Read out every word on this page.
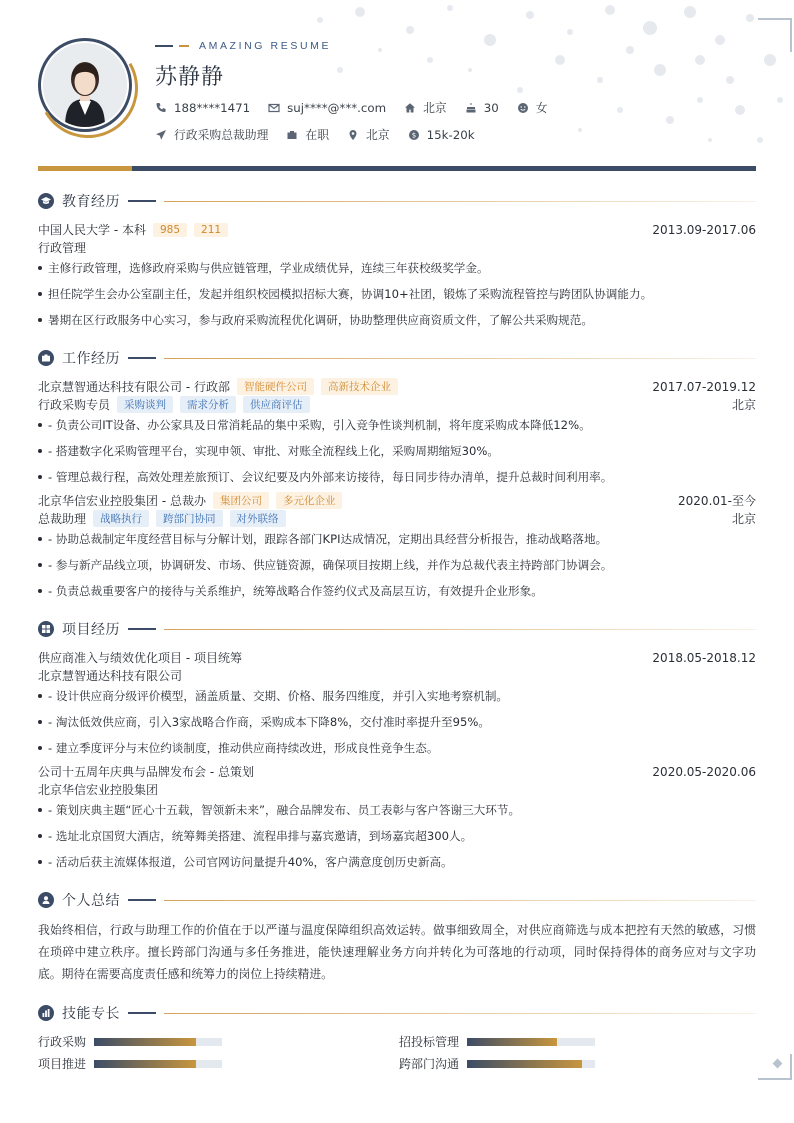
AMAZING RESUME
苏静静
188****1471	suj****@***.com	北京	30	女
行政采购总裁助理	在职	北京	$ 15k-20k
教育经历
中国人民大学 - 本科	985	211	2013.09-2017.06
行政管理
主修行政管理，选修政府采购与供应链管理，学业成绩优异，连续三年获校级奖学金。
担任院学生会办公室副主任，发起并组织校园模拟招标大赛，协调10+社团，锻炼了采购流程管控与跨团队协调能力。
暑期在区行政服务中心实习，参与政府采购流程优化调研，协助整理供应商资质文件，了解公共采购规范。
工作经历
北京慧智通达科技有限公司 - 行政部	智能硬件公司	高新技术企业	2017.07-2019.12
行政采购专员	采购谈判	需求分析	供应商评估	北京
- 负责公司IT设备、办公家具及日常消耗品的集中采购，引入竞争性谈判机制，将年度采购成本降低12%。
- 搭建数字化采购管理平台，实现申领、审批、对账全流程线上化，采购周期缩短30%。
- 管理总裁行程，高效处理差旅预订、会议纪要及内外部来访接待，每日同步待办清单，提升总裁时间利用率。
北京华信宏业控股集团 - 总裁办	集团公司	多元化企业	2020.01-至今
总裁助理	战略执行	跨部门协同	对外联络	北京
- 协助总裁制定年度经营目标与分解计划，跟踪各部门KPI达成情况，定期出具经营分析报告，推动战略落地。
- 参与新产品线立项，协调研发、市场、供应链资源，确保项目按期上线，并作为总裁代表主持跨部门协调会。
- 负责总裁重要客户的接待与关系维护，统筹战略合作签约仪式及高层互访，有效提升企业形象。
项目经历
供应商准入与绩效优化项目 - 项目统筹	2018.05-2018.12
北京慧智通达科技有限公司
- 设计供应商分级评价模型，涵盖质量、交期、价格、服务四维度，并引入实地考察机制。
- 淘汰低效供应商，引入3家战略合作商，采购成本下降8%，交付准时率提升至95%。
- 建立季度评分与末位约谈制度，推动供应商持续改进，形成良性竞争生态。
公司十五周年庆典与品牌发布会 - 总策划	2020.05-2020.06
北京华信宏业控股集团
- 策划庆典主题“匠心十五载，智领新未来”，融合品牌发布、员工表彰与客户答谢三大环节。
- 选址北京国贸大酒店，统筹舞美搭建、流程串排与嘉宾邀请，到场嘉宾超300人。
- 活动后获主流媒体报道，公司官网访问量提升40%，客户满意度创历史新高。
个人总结
我始终相信，行政与助理工作的价值在于以严谨与温度保障组织高效运转。做事细致周全，对供应商筛选与成本把控有天然的敏感，习惯在琐碎中建立秩序。擅长跨部门沟通与多任务推进，能快速理解业务方向并转化为可落地的行动项，同时保持得体的商务应对与文字功底。期待在需要高度责任感和统筹力的岗位上持续精进。
技能专长
行政采购	招投标管理
项目推进	跨部门沟通
